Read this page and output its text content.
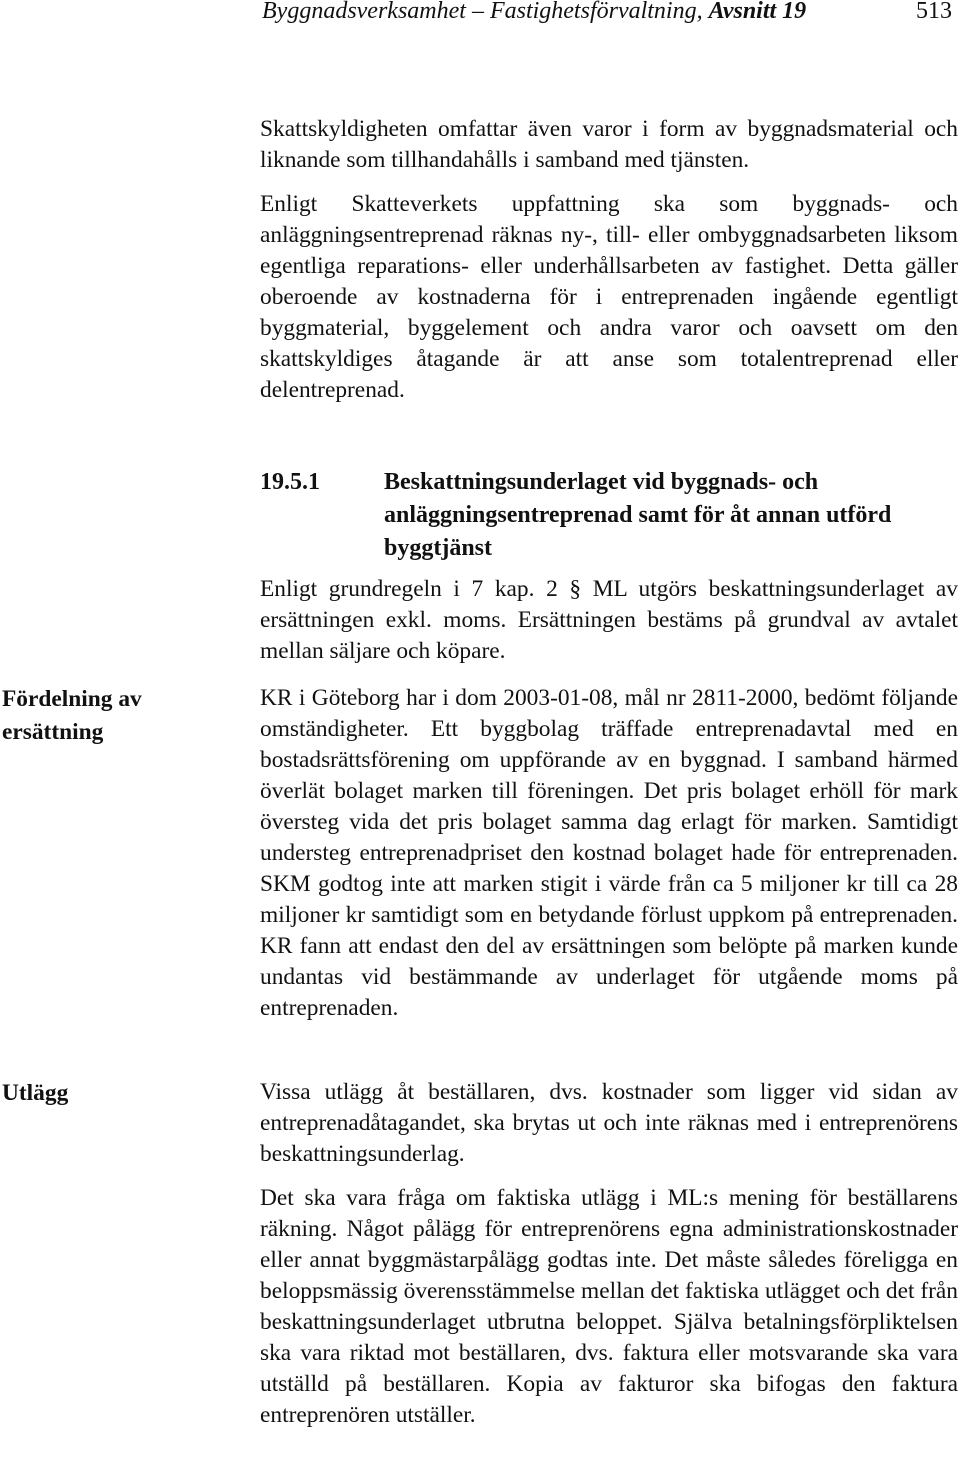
Byggnadsverksamhet – Fastighetsförvaltning, Avsnitt 19	513

Skattskyldigheten omfattar även varor i form av byggnadsmaterial och liknande som tillhandahålls i samband med tjänsten.

Enligt Skatteverkets uppfattning ska som byggnads- och anläggningsentreprenad räknas ny-, till- eller ombyggnadsarbeten liksom egentliga reparations- eller underhållsarbeten av fastighet. Detta gäller oberoende av kostnaderna för i entreprenaden ingående egentligt byggmaterial, byggelement och andra varor och oavsett om den skattskyldiges åtagande är att anse som totalentreprenad eller delentreprenad.

19.5.1	Beskattningsunderlaget vid byggnads- och anläggningsentreprenad samt för åt annan utförd byggtjänst

Enligt grundregeln i 7 kap. 2 § ML utgörs beskattningsunderlaget av ersättningen exkl. moms. Ersättningen bestäms på grundval av avtalet mellan säljare och köpare.

Fördelning av ersättning

KR i Göteborg har i dom 2003-01-08, mål nr 2811-2000, bedömt följande omständigheter. Ett byggbolag träffade entreprenadavtal med en bostadsrättsförening om uppförande av en byggnad. I samband härmed överlät bolaget marken till föreningen. Det pris bolaget erhöll för mark översteg vida det pris bolaget samma dag erlagt för marken. Samtidigt understeg entreprenadpriset den kostnad bolaget hade för entreprenaden. SKM godtog inte att marken stigit i värde från ca 5 miljoner kr till ca 28 miljoner kr samtidigt som en betydande förlust uppkom på entreprenaden. KR fann att endast den del av ersättningen som belöpte på marken kunde undantas vid bestämmande av underlaget för utgående moms på entreprenaden.

Utlägg	Vissa utlägg åt beställaren, dvs. kostnader som ligger vid sidan av entreprenadåtagandet, ska brytas ut och inte räknas med i entreprenörens beskattningsunderlag.

Det ska vara fråga om faktiska utlägg i ML:s mening för beställarens räkning. Något pålägg för entreprenörens egna administrationskostnader eller annat byggmästarpålägg godtas inte. Det måste således föreligga en beloppsmässig överensstämmelse mellan det faktiska utlägget och det från beskattningsunderlaget utbrutna beloppet. Själva betalningsförpliktelsen ska vara riktad mot beställaren, dvs. faktura eller motsvarande ska vara utställd på beställaren. Kopia av fakturor ska bifogas den faktura entreprenören utställer.
